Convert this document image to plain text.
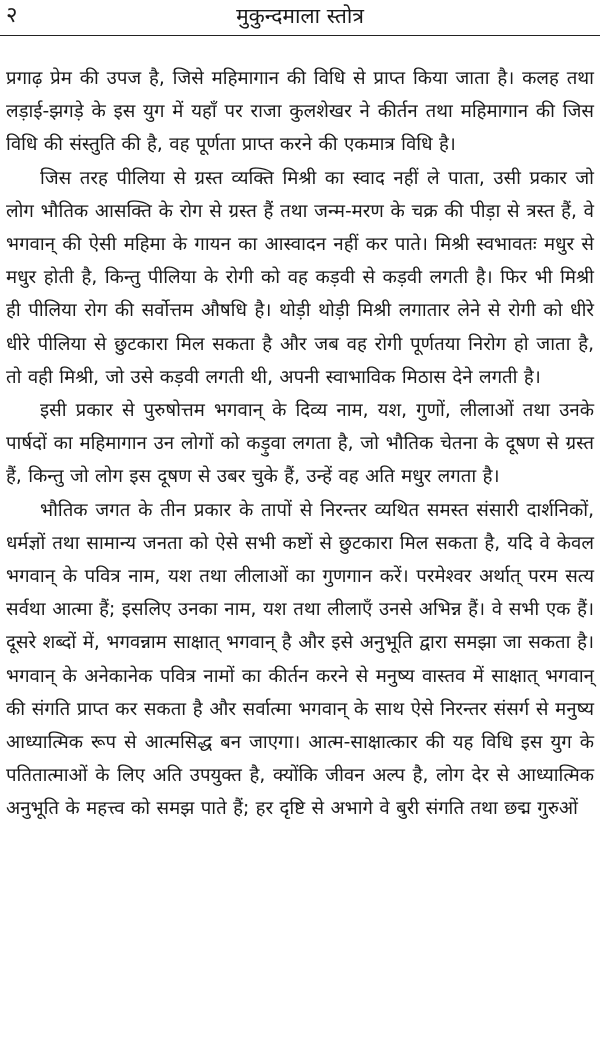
२	मुकुन्दमाला स्तोत्र

प्रगाढ़ प्रेम की उपज है, जिसे महिमागान की विधि से प्राप्त किया जाता है। कलह तथा लड़ाई-झगड़े के इस युग में यहाँ पर राजा कुलशेखर ने कीर्तन तथा महिमागान की जिस विधि की संस्तुति की है, वह पूर्णता प्राप्त करने की एकमात्र विधि है।

जिस तरह पीलिया से ग्रस्त व्यक्ति मिश्री का स्वाद नहीं ले पाता, उसी प्रकार जो लोग भौतिक आसक्ति के रोग से ग्रस्त हैं तथा जन्म-मरण के चक्र की पीड़ा से त्रस्त हैं, वे भगवान् की ऐसी महिमा के गायन का आस्वादन नहीं कर पाते। मिश्री स्वभावतः मधुर से मधुर होती है, किन्तु पीलिया के रोगी को वह कड़वी से कड़वी लगती है। फिर भी मिश्री ही पीलिया रोग की सर्वोत्तम औषधि है। थोड़ी थोड़ी मिश्री लगातार लेने से रोगी को धीरे धीरे पीलिया से छुटकारा मिल सकता है और जब वह रोगी पूर्णतया निरोग हो जाता है, तो वही मिश्री, जो उसे कड़वी लगती थी, अपनी स्वाभाविक मिठास देने लगती है।

इसी प्रकार से पुरुषोत्तम भगवान् के दिव्य नाम, यश, गुणों, लीलाओं तथा उनके पार्षदों का महिमागान उन लोगों को कड़ुवा लगता है, जो भौतिक चेतना के दूषण से ग्रस्त हैं, किन्तु जो लोग इस दूषण से उबर चुके हैं, उन्हें वह अति मधुर लगता है।

भौतिक जगत के तीन प्रकार के तापों से निरन्तर व्यथित समस्त संसारी दार्शनिकों, धर्मज्ञों तथा सामान्य जनता को ऐसे सभी कष्टों से छुटकारा मिल सकता है, यदि वे केवल भगवान् के पवित्र नाम, यश तथा लीलाओं का गुणगान करें। परमेश्वर अर्थात् परम सत्य सर्वथा आत्मा हैं; इसलिए उनका नाम, यश तथा लीलाएँ उनसे अभिन्न हैं। वे सभी एक हैं। दूसरे शब्दों में, भगवन्नाम साक्षात् भगवान् है और इसे अनुभूति द्वारा समझा जा सकता है। भगवान् के अनेकानेक पवित्र नामों का कीर्तन करने से मनुष्य वास्तव में साक्षात् भगवान् की संगति प्राप्त कर सकता है और सर्वात्मा भगवान् के साथ ऐसे निरन्तर संसर्ग से मनुष्य आध्यात्मिक रूप से आत्मसिद्ध बन जाएगा। आत्म-साक्षात्कार की यह विधि इस युग के पतितात्माओं के लिए अति उपयुक्त है, क्योंकि जीवन अल्प है, लोग देर से आध्यात्मिक अनुभूति के महत्त्व को समझ पाते हैं; हर दृष्टि से अभागे वे बुरी संगति तथा छद्म गुरुओं
